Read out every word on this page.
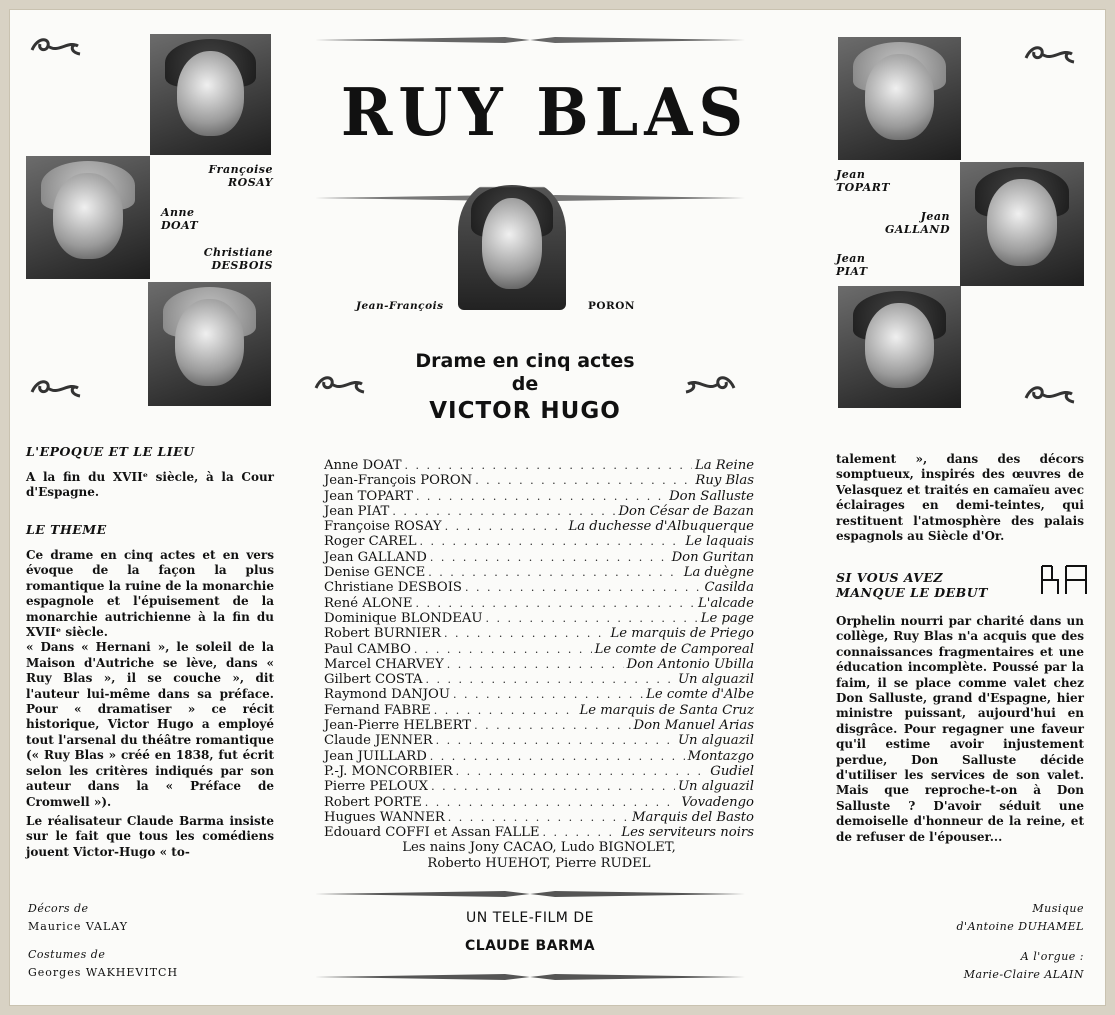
Françoise
ROSAY
Anne
DOAT
Christiane
DESBOIS
Jean
TOPART
Jean
GALLAND
Jean
PIAT
RUY BLAS
Jean-François	PORON
Drame en cinq actes
de
VICTOR HUGO
Anne DOAT . . .	La Reine
Jean-François PORON . . .	Ruy Blas
Jean TOPART . . .	Don Salluste
Jean PIAT . . .	Don César de Bazan
Françoise ROSAY . . .	La duchesse d'Albuquerque
Roger CAREL . . .	Le laquais
Jean GALLAND . . .	Don Guritan
Denise GENCE . . .	La duègne
Christiane DESBOIS . . .	Casilda
René ALONE . . .	L'alcade
Dominique BLONDEAU . . .	Le page
Robert BURNIER . . .	Le marquis de Priego
Paul CAMBO . . .	Le comte de Camporeal
Marcel CHARVEY . . .	Don Antonio Ubilla
Gilbert COSTA . . .	Un alguazil
Raymond DANJOU . . .	Le comte d'Albe
Fernand FABRE . . .	Le marquis de Santa Cruz
Jean-Pierre HELBERT . . .	Don Manuel Arias
Claude JENNER . . .	Un alguazil
Jean JUILLARD . . .	Montazgo
P.-J. MONCORBIER . . .	Gudiel
Pierre PELOUX . . .	Un alguazil
Robert PORTE . . .	Vovadengo
Hugues WANNER . . .	Marquis del Basto
Edouard COFFI et Assan FALLE . . .	Les serviteurs noirs
Les nains Jony CACAO, Ludo BIGNOLET,
Roberto HUEHOT, Pierre RUDEL
L'EPOQUE ET LE LIEU

A la fin du XVIIᵉ siècle, à la Cour d'Espagne.

LE THEME

Ce drame en cinq actes et en vers évoque de la façon la plus romantique la ruine de la monarchie espagnole et l'épuisement de la monarchie autrichienne à la fin du XVIIᵉ siècle.

« Dans « Hernani », le soleil de la Maison d'Autriche se lève, dans « Ruy Blas », il se couche », dit l'auteur lui-même dans sa préface. Pour « dramatiser » ce récit historique, Victor Hugo a employé tout l'arsenal du théâtre romantique (« Ruy Blas » créé en 1838, fut écrit selon les critères indiqués par son auteur dans la « Préface de Cromwell »).

Le réalisateur Claude Barma insiste sur le fait que tous les comédiens jouent Victor-Hugo « to-

talement », dans des décors somptueux, inspirés des œuvres de Velasquez et traités en camaïeu avec éclairages en demi-teintes, qui restituent l'atmosphère des palais espagnols au Siècle d'Or.

SI VOUS AVEZ
MANQUE LE DEBUT

Orphelin nourri par charité dans un collège, Ruy Blas n'a acquis que des connaissances fragmentaires et une éducation incomplète. Poussé par la faim, il se place comme valet chez Don Salluste, grand d'Espagne, hier ministre puissant, aujourd'hui en disgrâce. Pour regagner une faveur qu'il estime avoir injustement perdue, Don Salluste décide d'utiliser les services de son valet. Mais que reproche-t-on à Don Salluste ? D'avoir séduit une demoiselle d'honneur de la reine, et de refuser de l'épouser...

Décors de
Maurice VALAY
Costumes de
Georges WAKHEVITCH
UN TELE-FILM DE
CLAUDE BARMA
Musique
d'Antoine DUHAMEL
A l'orgue :
Marie-Claire ALAIN
